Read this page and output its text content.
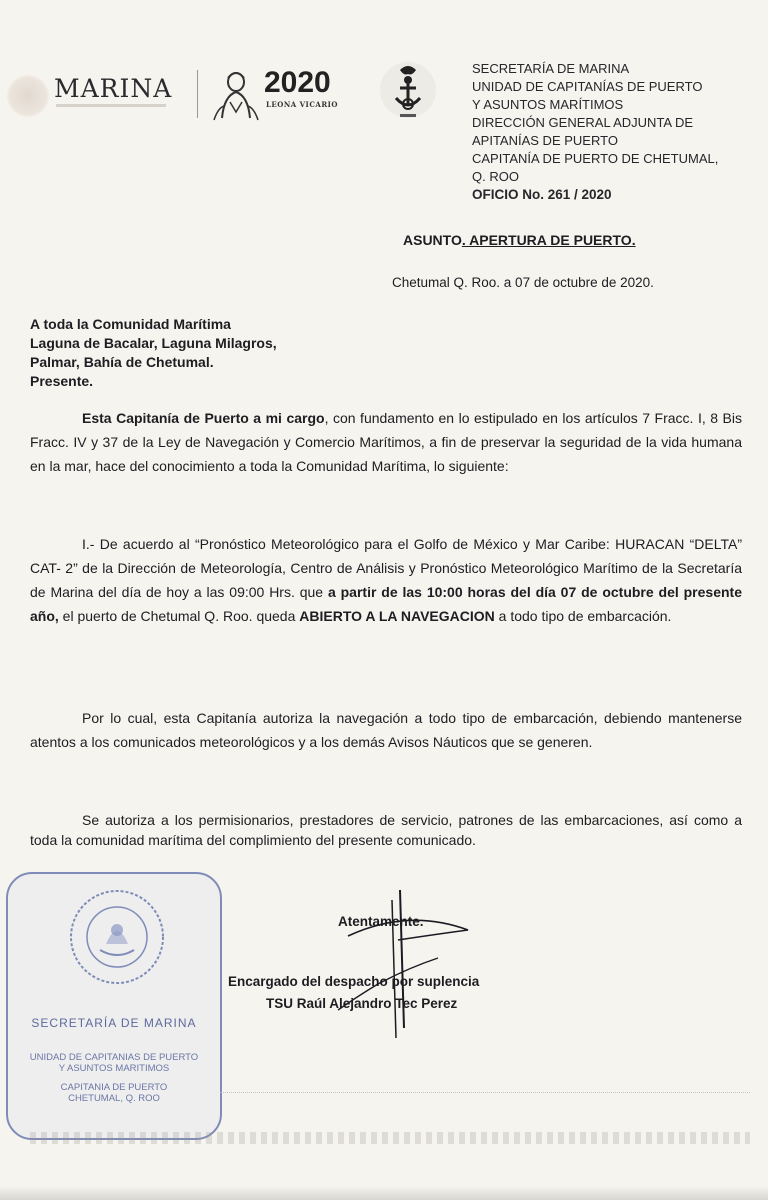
MARINA	2020
LEONA VICARIO
SECRETARÍA DE MARINA
UNIDAD DE CAPITANÍAS DE PUERTO
Y ASUNTOS MARÍTIMOS
DIRECCIÓN GENERAL ADJUNTA DE
APITANÍAS DE PUERTO
CAPITANÍA DE PUERTO DE CHETUMAL,
Q. ROO
OFICIO No. 261 / 2020
ASUNTO. APERTURA DE PUERTO.
Chetumal Q. Roo. a 07 de octubre de 2020.
A toda la Comunidad Marítima
Laguna de Bacalar, Laguna Milagros,
Palmar, Bahía de Chetumal.
Presente.
Esta Capitanía de Puerto a mi cargo, con fundamento en lo estipulado en los artículos 7 Fracc. I, 8 Bis Fracc. IV y 37 de la Ley de Navegación y Comercio Marítimos, a fin de preservar la seguridad de la vida humana en la mar, hace del conocimiento a toda la Comunidad Marítima, lo siguiente:
I.- De acuerdo al “Pronóstico Meteorológico para el Golfo de México y Mar Caribe: HURACAN “DELTA” CAT- 2” de la Dirección de Meteorología, Centro de Análisis y Pronóstico Meteorológico Marítimo de la Secretaría de Marina del día de hoy a las 09:00 Hrs. que a partir de las 10:00 horas del día 07 de octubre del presente año, el puerto de Chetumal Q. Roo. queda ABIERTO A LA NAVEGACION a todo tipo de embarcación.
Por lo cual, esta Capitanía autoriza la navegación a todo tipo de embarcación, debiendo mantenerse atentos a los comunicados meteorológicos y a los demás Avisos Náuticos que se generen.
Se autoriza a los permisionarios, prestadores de servicio, patrones de las embarcaciones, así como a toda la comunidad marítima del complimiento del presente comunicado.
SECRETARÍA DE MARINA
UNIDAD DE CAPITANIAS DE PUERTO
Y ASUNTOS MARITIMOS
CAPITANIA DE PUERTO
CHETUMAL, Q. ROO
Atentamente.
Encargado del despacho por suplencia
TSU Raúl Alejandro Tec Perez
